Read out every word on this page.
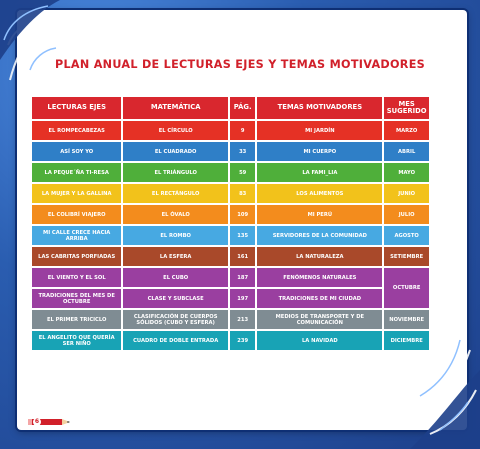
PLAN ANUAL DE LECTURAS EJES Y TEMAS MOTIVADORES
LECTURAS EJES	MATEMÁTICA	PÁG.	TEMAS MOTIVADORES	MES SUGERIDO
EL ROMPECABEZAS	EL CÍRCULO	9	MI JARDÍN	MARZO
ASÍ SOY YO	EL CUADRADO	33	MI CUERPO	ABRIL
LA PEQUE´ÑA TI-RESA	EL TRIÁNGULO	59	LA FAMI_LIA	MAYO
LA MUJER Y LA GALLINA	EL RECTÁNGULO	83	LOS ALIMENTOS	JUNIO
EL COLIBRÍ VIAJERO	EL ÓVALO	109	MI PERÚ	JULIO
MI CALLE CRECE HACIA ARRIBA	EL ROMBO	135	SERVIDORES DE LA COMUNIDAD	AGOSTO
LAS CABRITAS PORFIADAS	LA ESFERA	161	LA NATURALEZA	SETIEMBRE
EL VIENTO Y EL SOL	EL CUBO	187	FENÓMENOS NATURALES	OCTUBRE
TRADICIONES DEL MES DE OCTUBRE	CLASE Y SUBCLASE	197	TRADICIONES DE MI CIUDAD	
EL PRIMER TRICICLO	CLASIFICACIÓN DE CUERPOS SÓLIDOS (CUBO Y ESFERA)	213	MEDIOS DE TRANSPORTE Y DE COMUNICACIÓN	NOVIEMBRE
EL ANGELITO QUE QUERÍA SER NIÑO	CUADRO DE DOBLE ENTRADA	239	LA NAVIDAD	DICIEMBRE
6
